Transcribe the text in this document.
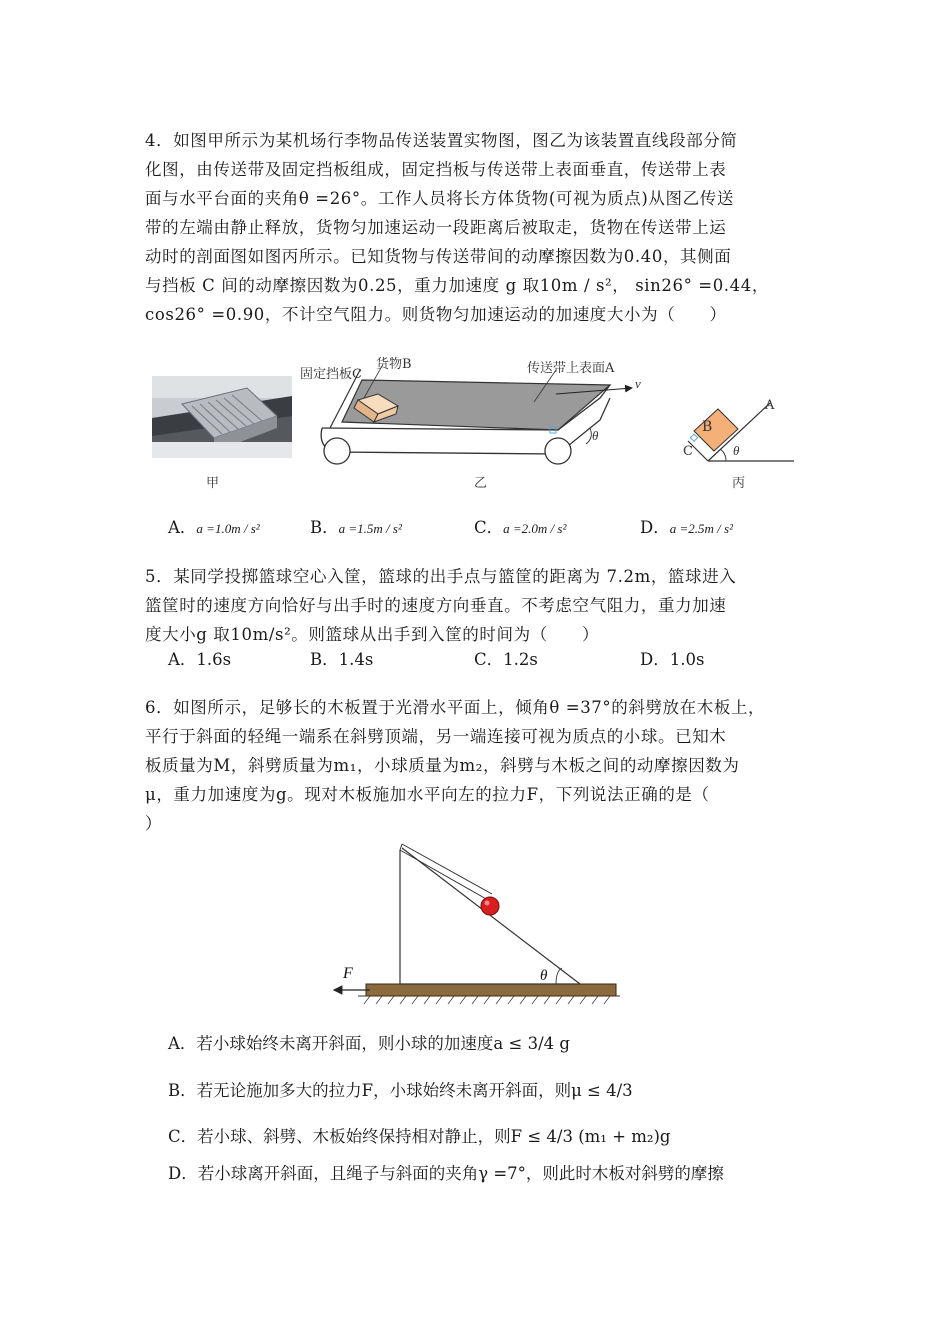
4．如图甲所示为某机场行李物品传送装置实物图，图乙为该装置直线段部分简

化图，由传送带及固定挡板组成，固定挡板与传送带上表面垂直，传送带上表

面与水平台面的夹角θ =26°。工作人员将长方体货物(可视为质点)从图乙传送

带的左端由静止释放，货物匀加速运动一段距离后被取走，货物在传送带上运

动时的剖面图如图丙所示。已知货物与传送带间的动摩擦因数为0.40，其侧面

与挡板 C 间的动摩擦因数为0.25，重力加速度 g 取10m / s²， sin26° =0.44，

cos26° =0.90，不计空气阻力。则货物匀加速运动的加速度大小为（　　）

甲
固定挡板C
货物B	传送带上表面A
v
θ
乙
B
C
A
θ
丙
A．a =1.0m / s²	B．a =1.5m / s²	C．a =2.0m / s²	D．a =2.5m / s²

5．某同学投掷篮球空心入筐，篮球的出手点与篮筐的距离为 7.2m，篮球进入

篮筐时的速度方向恰好与出手时的速度方向垂直。不考虑空气阻力，重力加速

度大小g 取10m/s²。则篮球从出手到入筐的时间为（　　）

A．1.6s	B．1.4s	C．1.2s	D．1.0s

6．如图所示，足够长的木板置于光滑水平面上，倾角θ =37°的斜劈放在木板上，

平行于斜面的轻绳一端系在斜劈顶端，另一端连接可视为质点的小球。已知木

板质量为M，斜劈质量为m₁，小球质量为m₂，斜劈与木板之间的动摩擦因数为

μ，重力加速度为g。现对木板施加水平向左的拉力F，下列说法正确的是（

）

F	θ
A．若小球始终未离开斜面，则小球的加速度a ≤ 3/4 g
B．若无论施加多大的拉力F，小球始终未离开斜面，则μ ≤ 4/3
C．若小球、斜劈、木板始终保持相对静止，则F ≤ 4/3 (m₁ + m₂)g
D．若小球离开斜面，且绳子与斜面的夹角γ =7°，则此时木板对斜劈的摩擦
